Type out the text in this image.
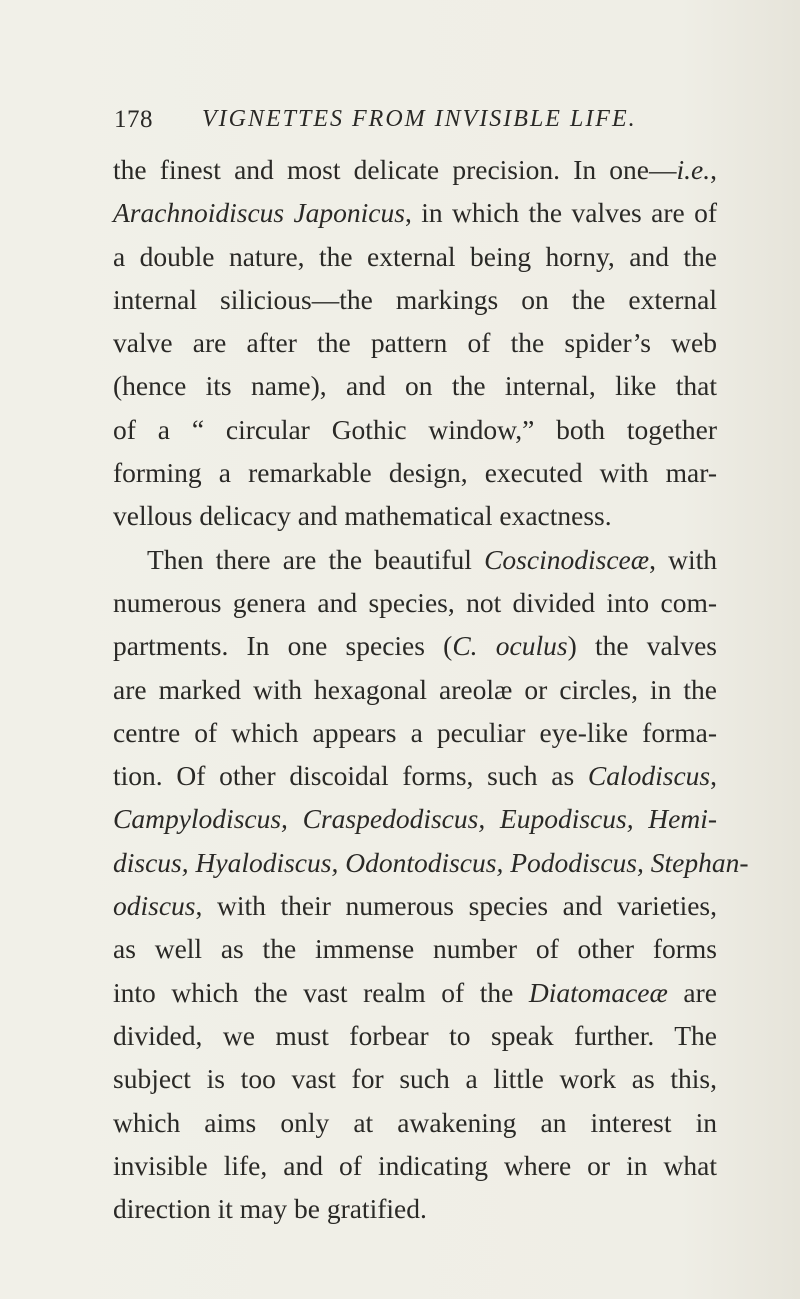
178 VIGNETTES FROM INVISIBLE LIFE.
the finest and most delicate precision. In one—i.e.,
Arachnoidiscus Japonicus, in which the valves are of
a double nature, the external being horny, and the
internal silicious—the markings on the external
valve are after the pattern of the spider’s web
(hence its name), and on the internal, like that
of a “ circular Gothic window,” both together
forming a remarkable design, executed with mar-
vellous delicacy and mathematical exactness.
Then there are the beautiful Coscinodisceæ, with
numerous genera and species, not divided into com-
partments. In one species (C. oculus) the valves
are marked with hexagonal areolæ or circles, in the
centre of which appears a peculiar eye-like forma-
tion. Of other discoidal forms, such as Calodiscus,
Campylodiscus, Craspedodiscus, Eupodiscus, Hemi-
discus, Hyalodiscus, Odontodiscus, Pododiscus, Stephan-
odiscus, with their numerous species and varieties,
as well as the immense number of other forms
into which the vast realm of the Diatomaceæ are
divided, we must forbear to speak further. The
subject is too vast for such a little work as this,
which aims only at awakening an interest in
invisible life, and of indicating where or in what
direction it may be gratified.
